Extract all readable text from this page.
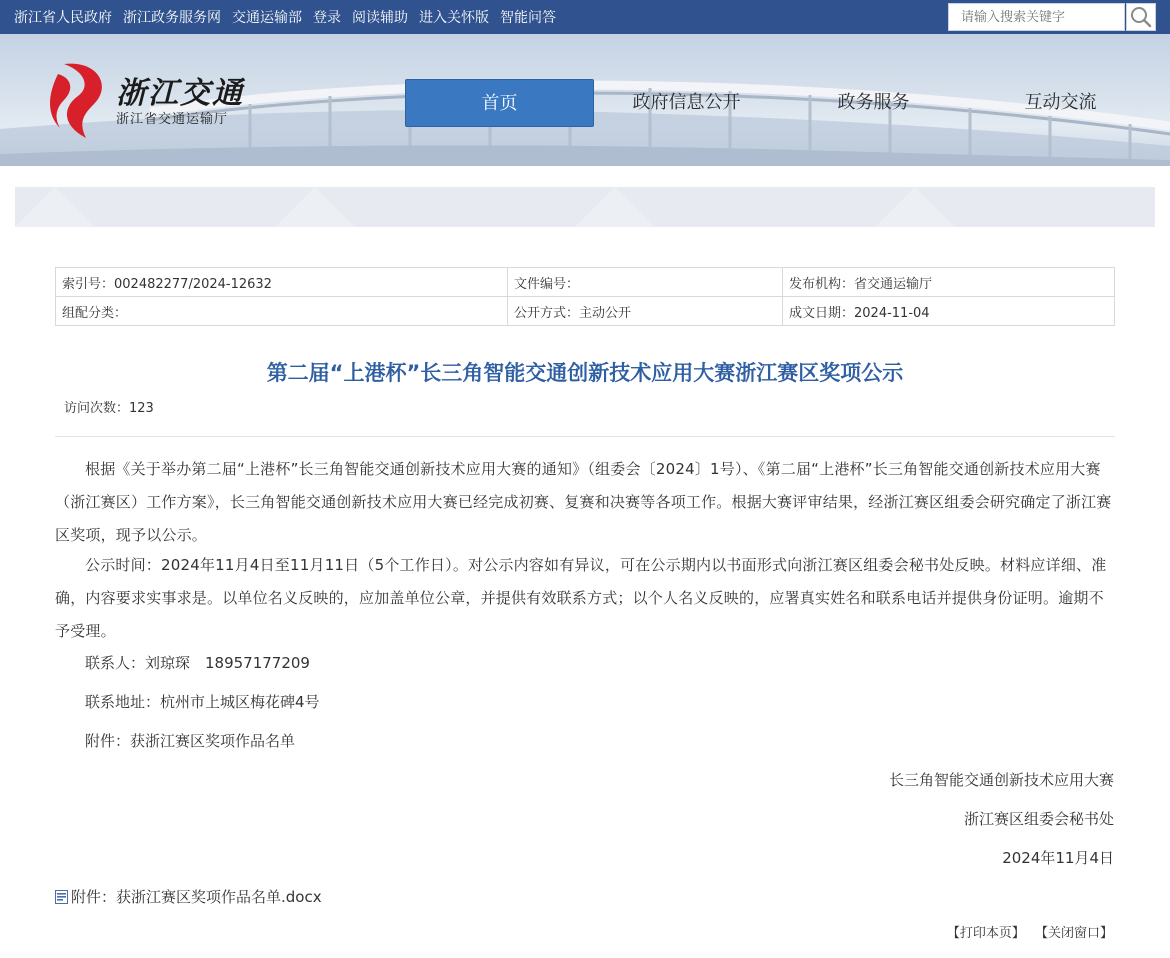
浙江省人民政府 浙江政务服务网 交通运输部 登录 阅读辅助 进入关怀版 智能问答
请输入搜索关键字
浙江交通
浙江省交通运输厅
首页	政府信息公开	政务服务	互动交流
索引号：002482277/2024-12632	文件编号：	发布机构：省交通运输厅
组配分类：	公开方式：主动公开	成文日期：2024-11-04
第二届“上港杯”长三角智能交通创新技术应用大赛浙江赛区奖项公示
访问次数：123
根据《关于举办第二届“上港杯”长三角智能交通创新技术应用大赛的通知》（组委会〔2024〕1号）、《第二届“上港杯”长三角智能交通创新技术应用大赛（浙江赛区）工作方案》，长三角智能交通创新技术应用大赛已经完成初赛、复赛和决赛等各项工作。根据大赛评审结果，经浙江赛区组委会研究确定了浙江赛区奖项，现予以公示。
公示时间：2024年11月4日至11月11日（5个工作日）。对公示内容如有异议，可在公示期内以书面形式向浙江赛区组委会秘书处反映。材料应详细、准确，内容要求实事求是。以单位名义反映的，应加盖单位公章，并提供有效联系方式；以个人名义反映的，应署真实姓名和联系电话并提供身份证明。逾期不予受理。
联系人：刘琼琛　18957177209
联系地址：杭州市上城区梅花碑4号
附件：获浙江赛区奖项作品名单
长三角智能交通创新技术应用大赛
浙江赛区组委会秘书处
2024年11月4日
附件：获浙江赛区奖项作品名单.docx
【打印本页】 【关闭窗口】
